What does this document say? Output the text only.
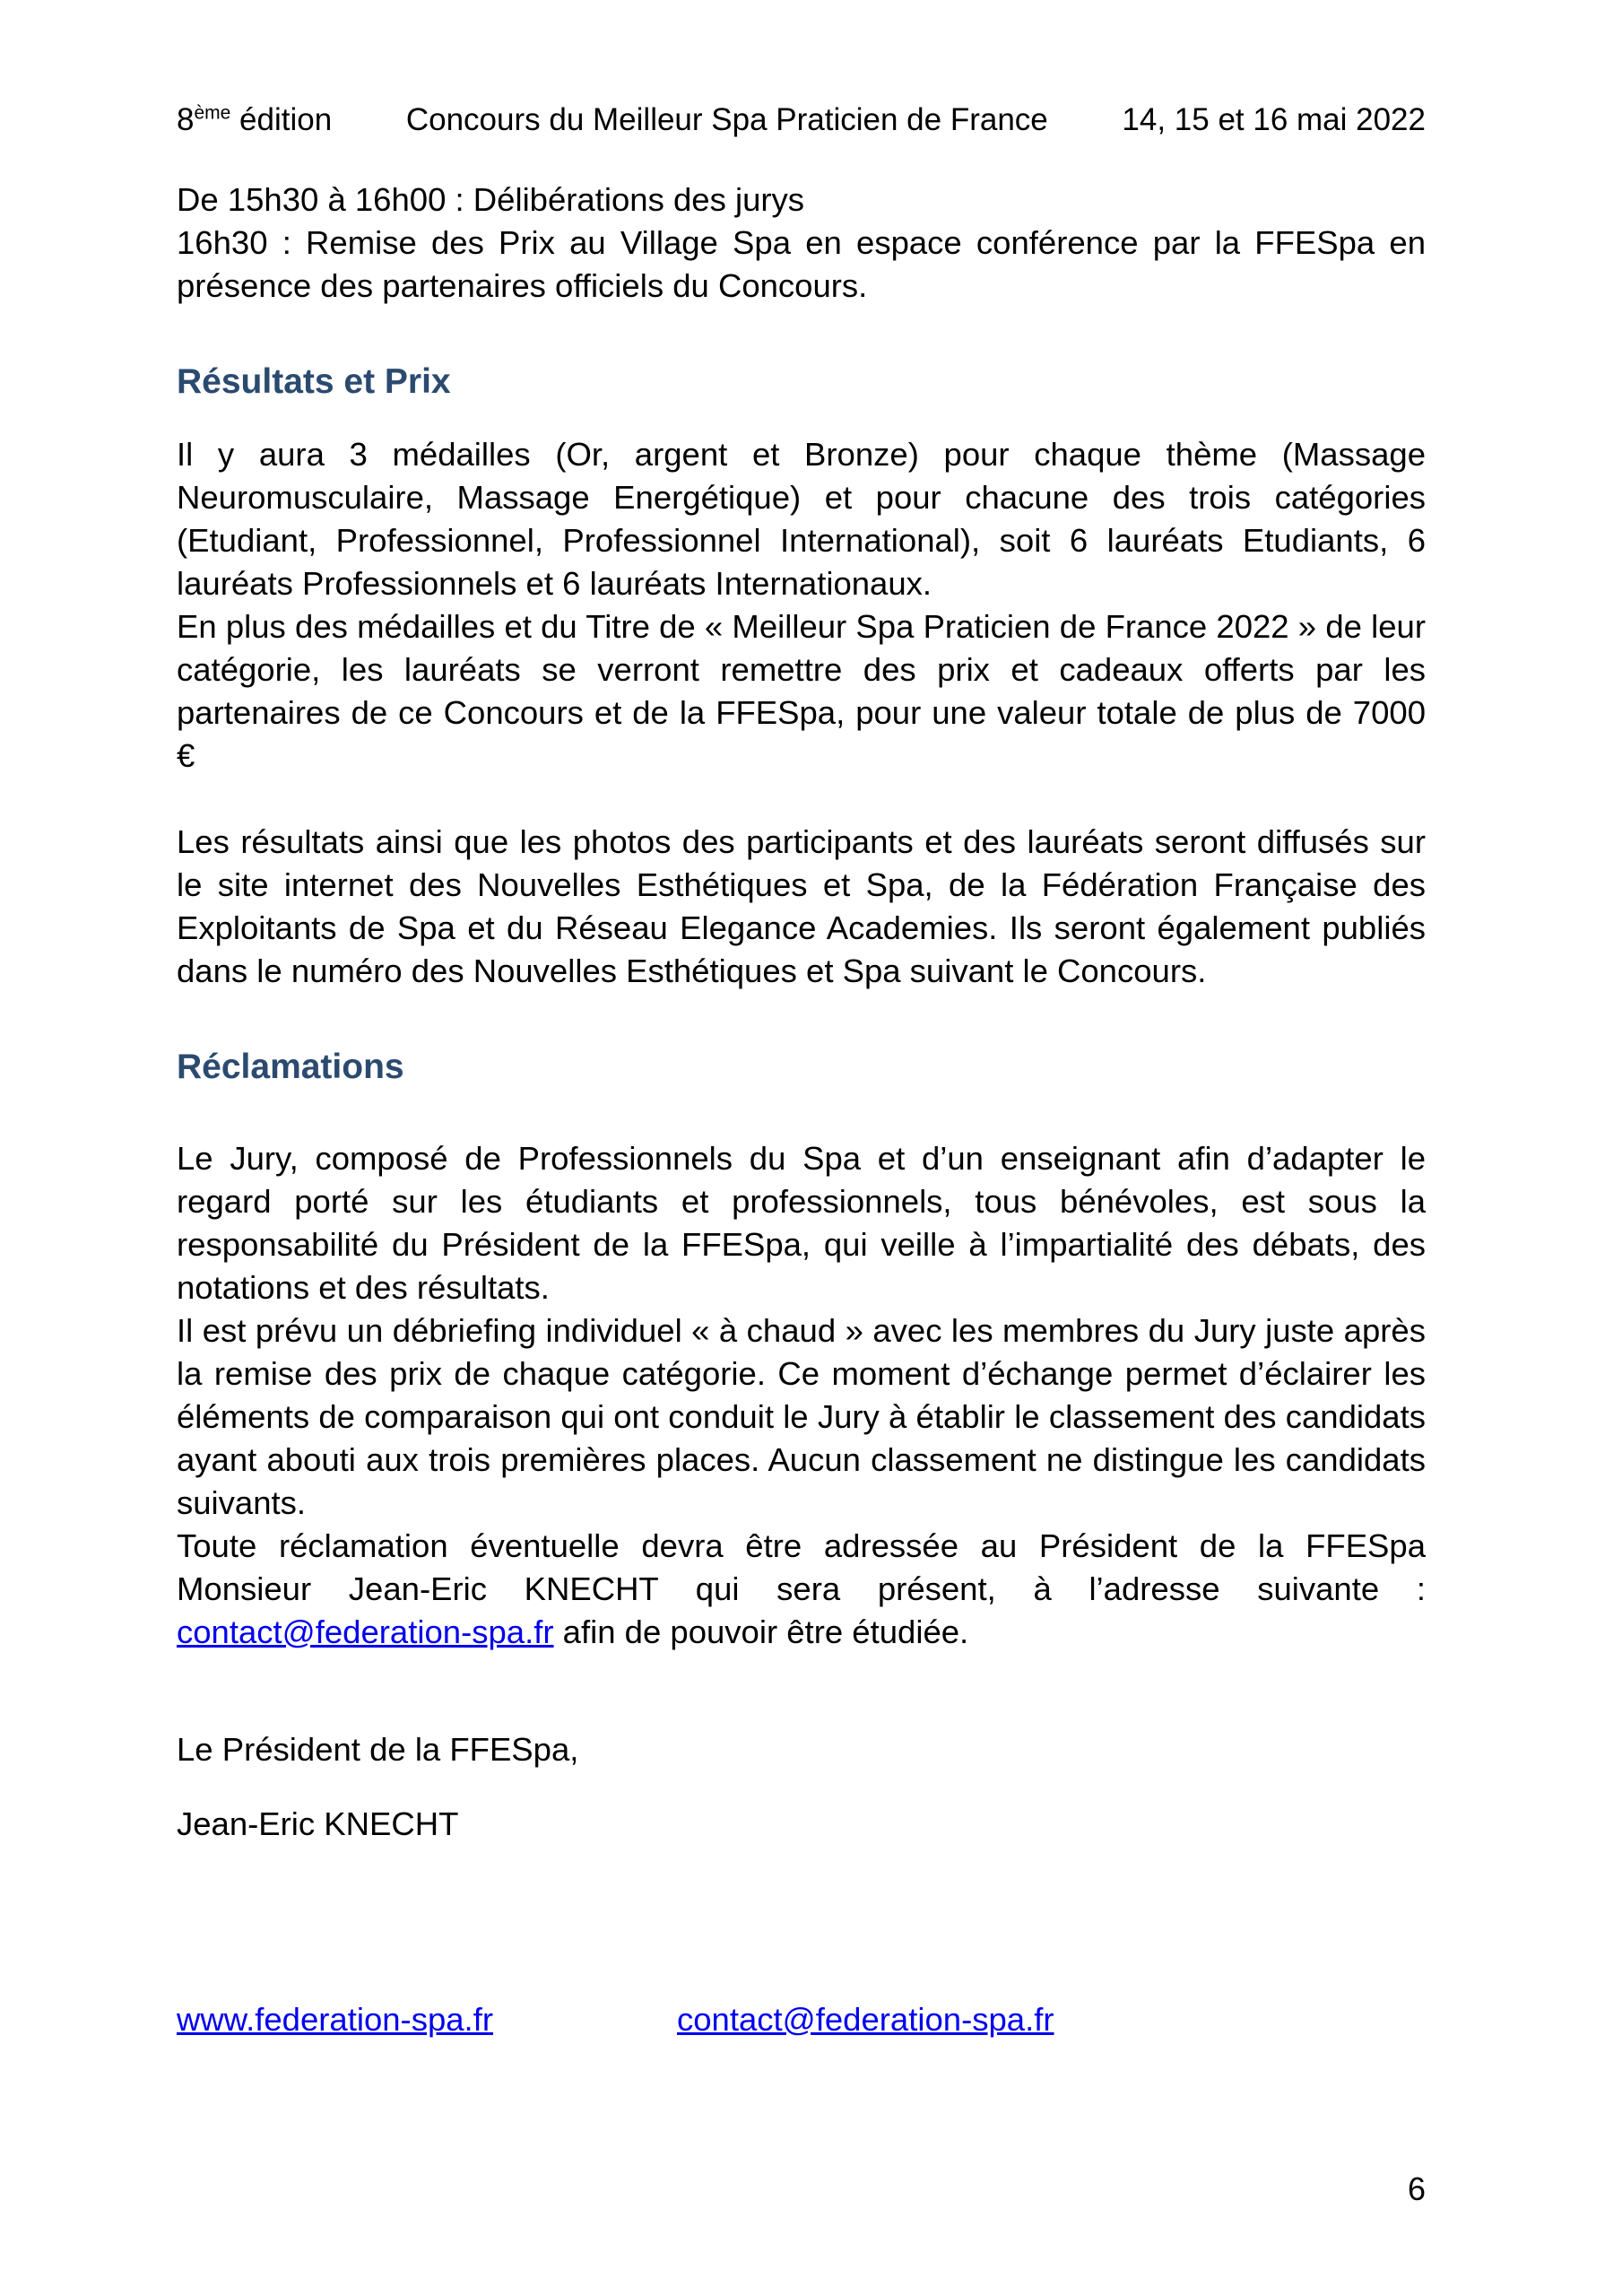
8ème édition Concours du Meilleur Spa Praticien de France 14, 15 et 16 mai 2022

De 15h30 à 16h00 : Délibérations des jurys

16h30 : Remise des Prix au Village Spa en espace conférence par la FFESpa en présence des partenaires officiels du Concours.

Résultats et Prix

Il y aura 3 médailles (Or, argent et Bronze) pour chaque thème (Massage Neuromusculaire, Massage Energétique) et pour chacune des trois catégories (Etudiant, Professionnel, Professionnel International), soit 6 lauréats Etudiants, 6 lauréats Professionnels et 6 lauréats Internationaux.

En plus des médailles et du Titre de « Meilleur Spa Praticien de France 2022 » de leur catégorie, les lauréats se verront remettre des prix et cadeaux offerts par les partenaires de ce Concours et de la FFESpa, pour une valeur totale de plus de 7000 €

Les résultats ainsi que les photos des participants et des lauréats seront diffusés sur le site internet des Nouvelles Esthétiques et Spa, de la Fédération Française des Exploitants de Spa et du Réseau Elegance Academies. Ils seront également publiés dans le numéro des Nouvelles Esthétiques et Spa suivant le Concours.

Réclamations

Le Jury, composé de Professionnels du Spa et d’un enseignant afin d’adapter le regard porté sur les étudiants et professionnels, tous bénévoles, est sous la responsabilité du Président de la FFESpa, qui veille à l’impartialité des débats, des notations et des résultats.

Il est prévu un débriefing individuel « à chaud » avec les membres du Jury juste après la remise des prix de chaque catégorie. Ce moment d’échange permet d’éclairer les éléments de comparaison qui ont conduit le Jury à établir le classement des candidats ayant abouti aux trois premières places. Aucun classement ne distingue les candidats suivants.

Toute réclamation éventuelle devra être adressée au Président de la FFESpa Monsieur Jean-Eric KNECHT qui sera présent, à l’adresse suivante : contact@federation-spa.fr afin de pouvoir être étudiée.

Le Président de la FFESpa,

Jean-Eric KNECHT

www.federation-spa.fr	contact@federation-spa.fr
6
